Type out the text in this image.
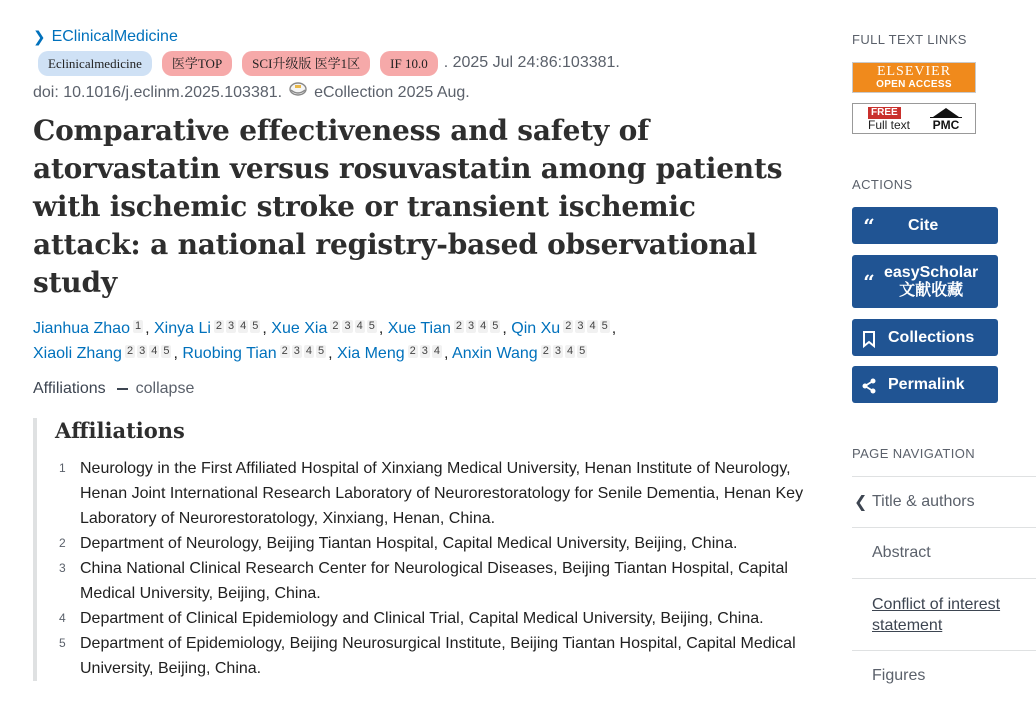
❯ EClinicalMedicine
Eclinicalmedicine	医学TOP	SCI升级版 医学1区	IF 10.0	. 2025 Jul 24:86:103381.
doi: 10.1016/j.eclinm.2025.103381. eCollection 2025 Aug.
Comparative effectiveness and safety of atorvastatin versus rosuvastatin among patients with ischemic stroke or transient ischemic attack: a national registry-based observational study
Jianhua Zhao 1 , Xinya Li 2 3 4 5 , Xue Xia 2 3 4 5 , Xue Tian 2 3 4 5 , Qin Xu 2 3 4 5 ,
Xiaoli Zhang 2 3 4 5 , Ruobing Tian 2 3 4 5 , Xia Meng 2 3 4 , Anxin Wang 2 3 4 5
Affiliations collapse
Affiliations
1 Neurology in the First Affiliated Hospital of Xinxiang Medical University, Henan Institute of Neurology, Henan Joint International Research Laboratory of Neurorestoratology for Senile Dementia, Henan Key Laboratory of Neurorestoratology, Xinxiang, Henan, China.
2 Department of Neurology, Beijing Tiantan Hospital, Capital Medical University, Beijing, China.
3 China National Clinical Research Center for Neurological Diseases, Beijing Tiantan Hospital, Capital Medical University, Beijing, China.
4 Department of Clinical Epidemiology and Clinical Trial, Capital Medical University, Beijing, China.
5 Department of Epidemiology, Beijing Neurosurgical Institute, Beijing Tiantan Hospital, Capital Medical University, Beijing, China.
FULL TEXT LINKS
ELSEVIER
OPEN ACCESS
FREE
Full text PMC
ACTIONS
“	Cite
“ easyScholar
文献收藏
Collections
Permalink
PAGE NAVIGATION
❮ Title & authors
Abstract
Conflict of interest statement
Figures
